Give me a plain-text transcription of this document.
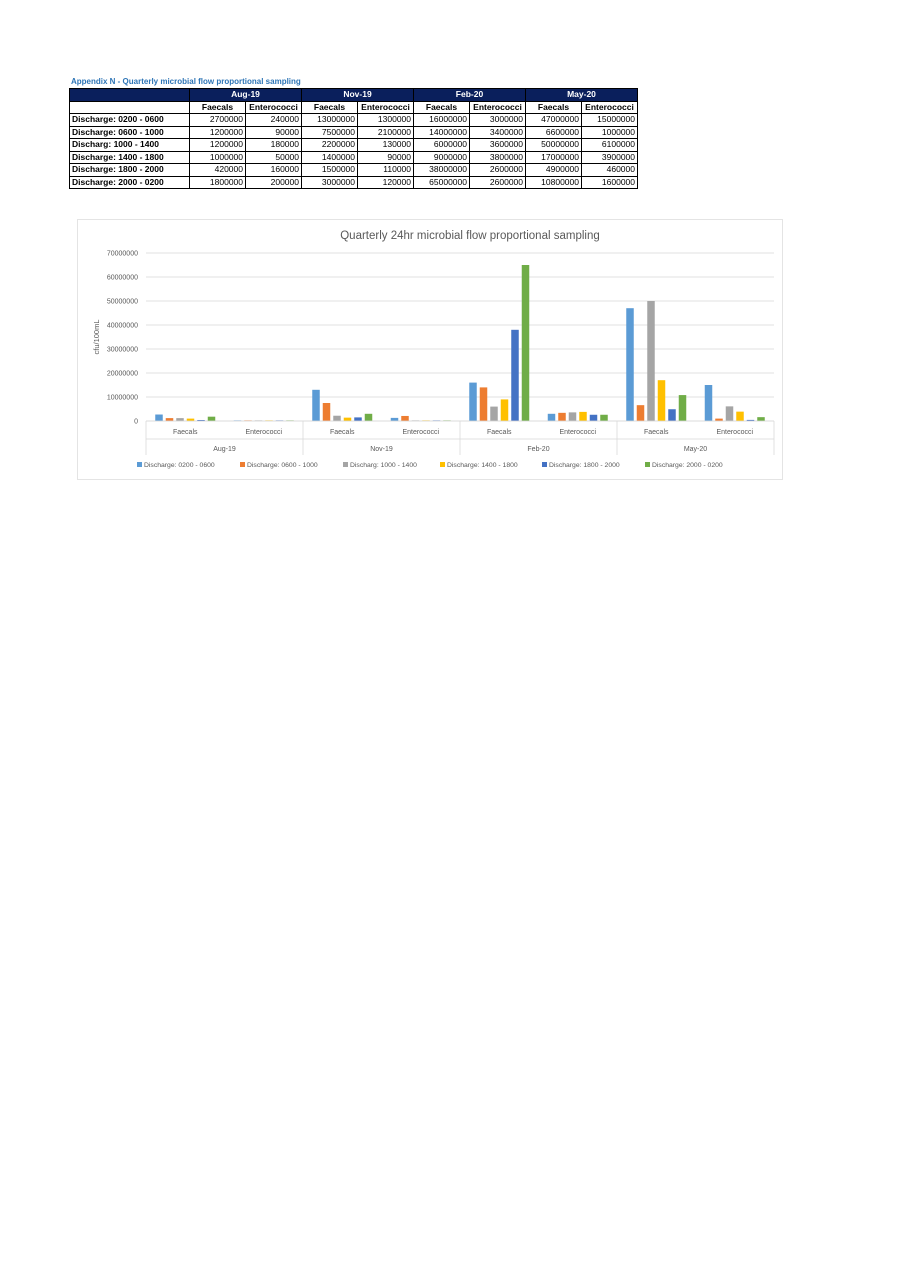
Appendix N - Quarterly microbial flow proportional sampling
	Aug-19		Nov-19		Feb-20		May-20	
	Faecals	Enterococci	Faecals	Enterococci	Faecals	Enterococci	Faecals	Enterococci
Discharge: 0200 - 0600	2700000	240000	13000000	1300000	16000000	3000000	47000000	15000000
Discharge: 0600 - 1000	1200000	90000	7500000	2100000	14000000	3400000	6600000	1000000
Discharg: 1000 - 1400	1200000	180000	2200000	130000	6000000	3600000	50000000	6100000
Discharge: 1400 - 1800	1000000	50000	1400000	90000	9000000	3800000	17000000	3900000
Discharge: 1800 - 2000	420000	160000	1500000	110000	38000000	2600000	4900000	460000
Discharge: 2000 - 0200	1800000	200000	3000000	120000	65000000	2600000	10800000	1600000
Quarterly 24hr microbial flow proportional sampling
cfu/100mL
0
10000000
20000000
30000000
40000000
50000000
60000000
70000000
Faecals	Enterococci	Faecals	Enterococci	Faecals	Enterococci	Faecals	Enterococci
Aug-19	Nov-19	Feb-20	May-20
Discharge: 0200 - 0600	Discharge: 0600 - 1000	Discharg: 1000 - 1400	Discharge: 1400 - 1800	Discharge: 1800 - 2000	Discharge: 2000 - 0200
